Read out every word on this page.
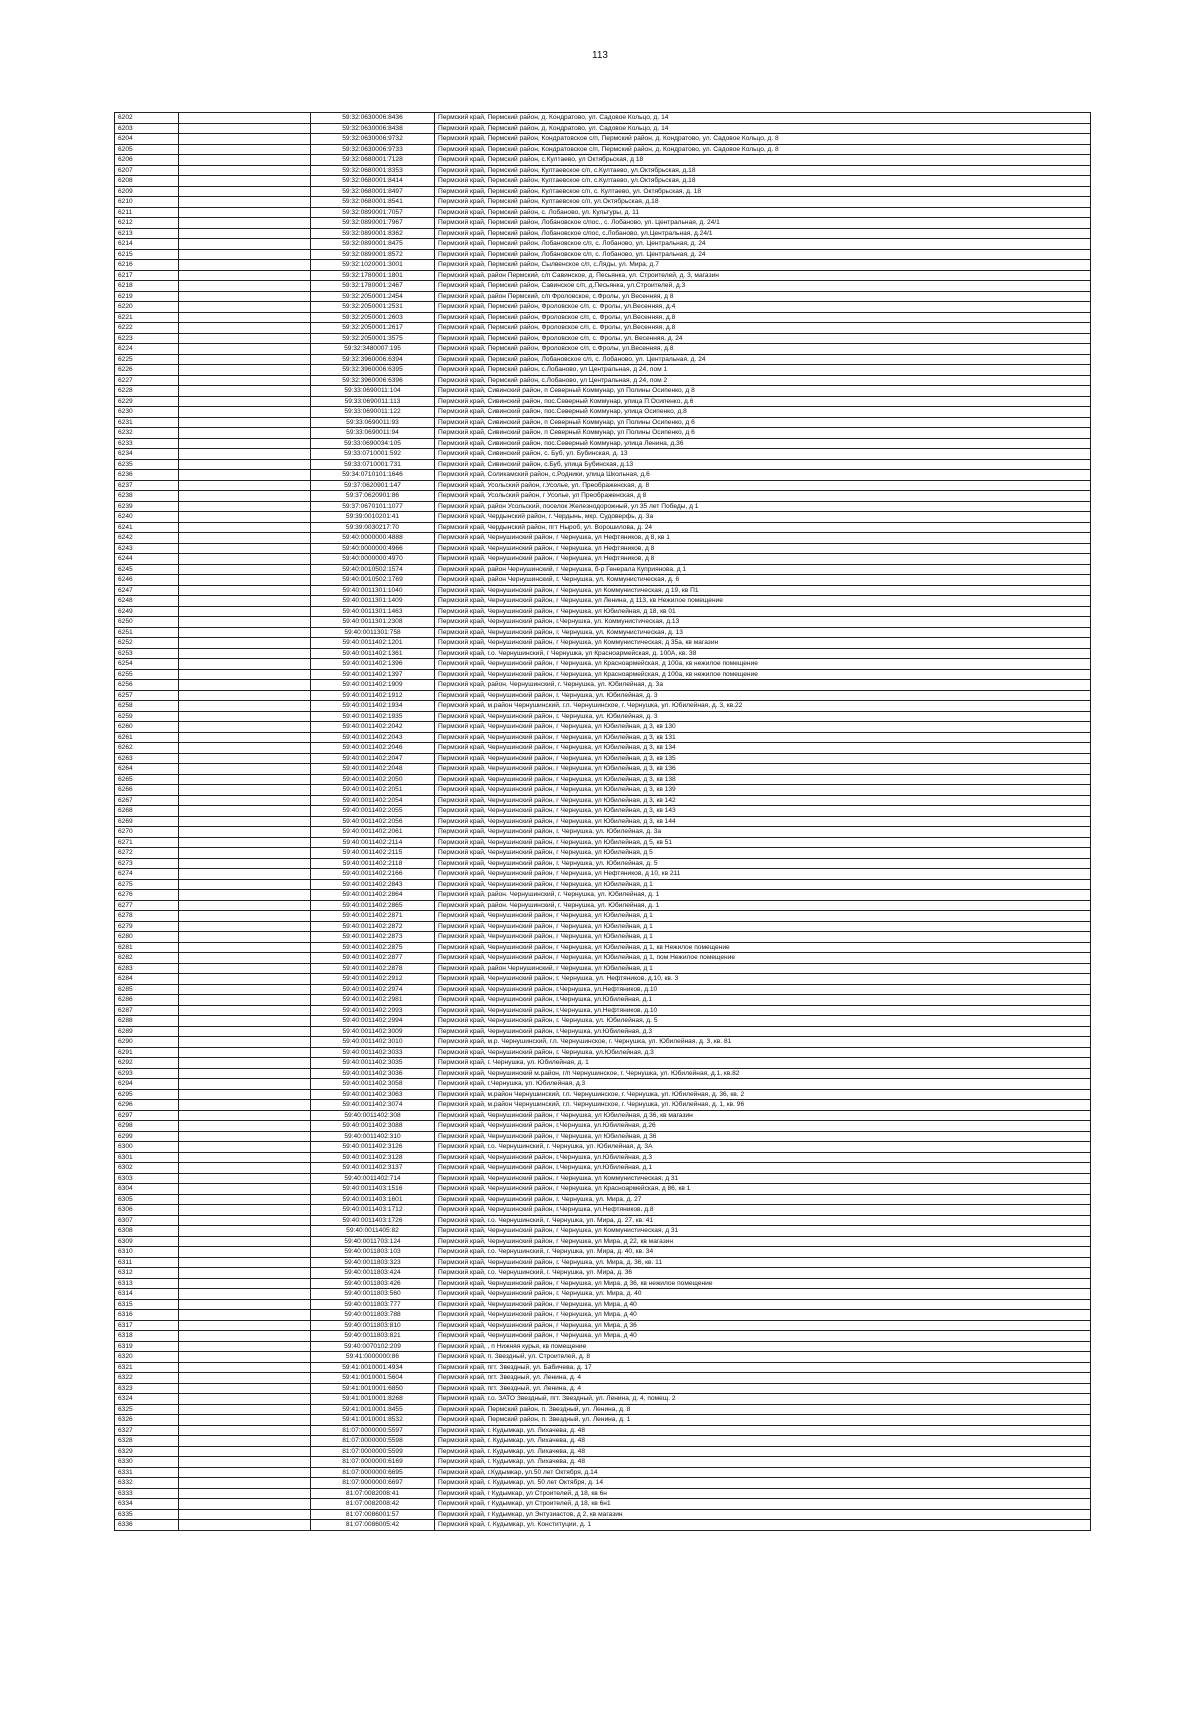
113
6202		59:32:0630006:8436	Пермский край, Пермский район, д. Кондратово, ул. Садовое Кольцо, д. 14
6203		59:32:0630006:8438	Пермский край, Пермский район, д. Кондратово, ул. Садовое Кольцо, д. 14
6204		59:32:0630006:9732	Пермский край, Пермский район, Кондратовское с/п, Пермский район, д. Кондратово, ул. Садовое Кольцо, д. 8
6205		59:32:0630006:9733	Пермский край, Пермский район, Кондратовское с/п, Пермский район, д. Кондратово, ул. Садовое Кольцо, д. 8
6206		59:32:0680001:7128	Пермский край, Пермский район, с.Култаево, ул Октябрьская, д 18
6207		59:32:0680001:8353	Пермский край, Пермский район, Култаевское с/п, с.Култаево, ул.Октябрьская, д.18
6208		59:32:0680001:8414	Пермский край, Пермский район, Култаевское с/п, с.Култаево, ул.Октябрьская, д.18
6209		59:32:0680001:8497	Пермский край, Пермский район, Култаевское с/п, с. Култаево, ул. Октябрьская, д. 18
6210		59:32:0680001:8541	Пермский край, Пермский район, Култаевское с/п, ул.Октябрьская, д.18
6211		59:32:0890001:7057	Пермский край, Пермский район, с. Лобаново, ул. Культуры, д. 11
6212		59:32:0890001:7967	Пермский край, Пермский район, Лобановское с/пос., с. Лобаново, ул. Центральная, д. 24/1
6213		59:32:0890001:8362	Пермский край, Пермский район, Лобановское с/пос, с.Лобаново, ул.Центральная, д.24/1
6214		59:32:0890001:8475	Пермский край, Пермский район, Лобановское с/п, с. Лобаново, ул. Центральная, д. 24
6215		59:32:0890001:8572	Пермский край, Пермский район, Лобановское с/п, с. Лобаново, ул. Центральная, д. 24
6216		59:32:1020001:3001	Пермский край, Пермский район, Сылвенское с/п, с.Ляды, ул. Мира, д.7
6217		59:32:1780001:1801	Пермский край, район Пермский, с/п Савинское, д. Песьянка, ул. Строителей, д. 3, магазин
6218		59:32:1780001:2467	Пермский край, Пермский район, Савинское с/п, д.Песьянка, ул.Строителей, д.3
6219		59:32:2050001:2454	Пермский край, район Пермский, с/п Фроловское, с.Фролы, ул Весенняя, д 8
6220		59:32:2050001:2531	Пермский край, Пермский район, Фроловское с/п, с. Фролы, ул.Весенняя, д.4
6221		59:32:2050001:2603	Пермский край, Пермский район, Фроловское с/п, с. Фролы, ул.Весенняя, д.8
6222		59:32:2050001:2617	Пермский край, Пермский район, Фроловское с/п, с. Фролы, ул.Весенняя, д.8
6223		59:32:2050001:3575	Пермский край, Пермский район, Фроловское с/п, с. Фролы, ул. Весенняя, д. 24
6224		59:32:3480007:195	Пермский край, Пермский район, Фроловское с/п, с.Фролы, ул.Весенняя, д.8
6225		59:32:3960006:6394	Пермский край, Пермский район, Лобановское с/п, с. Лобаново, ул. Центральная, д. 24
6226		59:32:3960006:6395	Пермский край, Пермский район, с.Лобаново, ул Центральная, д 24, пом 1
6227		59:32:3960006:6396	Пермский край, Пермский район, с.Лобаново, ул Центральная, д 24, пом 2
6228		59:33:0690011:104	Пермский край, Сивинский район, п Северный Коммунар, ул Полины Осипенко, д 8
6229		59:33:0690011:113	Пермский край, Сивинский район, пос.Северный Коммунар, улица П.Осипенко, д.6
6230		59:33:0690011:122	Пермский край, Сивинский район, пос.Северный Коммунар, улица Осипенко, д.8
6231		59:33:0690011:93	Пермский край, Сивинский район, п Северный Коммунар, ул Полины Осипенко, д 6
6232		59:33:0690011:94	Пермский край, Сивинский район, п Северный Коммунар, ул Полины Осипенко, д 6
6233		59:33:0690034:105	Пермский край, Сивинский район, пос.Северный Коммунар, улица Ленина, д.36
6234		59:33:0710001:592	Пермский край, Сивинский район, с. Буб, ул. Бубинская, д. 13
6235		59:33:0710001:731	Пермский край, Сивинский район, с.Буб, улица Бубинская, д.13
6236		59:34:0710101:1646	Пермский край, Соликамский район, с.Родники, улица Школьная, д.6
6237		59:37:0620901:147	Пермский край, Усольский район, г.Усолье, ул. Преображенская, д. 8
6238		59:37:0620901:86	Пермский край, Усольский район, г Усолье, ул Преображенская, д 8
6239		59:37:0670101:1077	Пермский край, район Усольский, поселок Железнодорожный, ул 35 лет Победы, д 1
6240		59:39:0010201:41	Пермский край, Чердынский район, г. Чердынь, мкр. Судоверфь, д. 3а
6241		59:39:0030217:70	Пермский край, Чердынский район, пгт Ныроб, ул. Ворошилова, д. 24
6242		59:40:0000000:4888	Пермский край, Чернушинский район, г Чернушка, ул Нефтяников, д 8, кв 1
6243		59:40:0000000:4966	Пермский край, Чернушинский район, г Чернушка, ул Нефтяников, д 8
6244		59:40:0000000:4970	Пермский край, Чернушинский район, г Чернушка, ул Нефтяников, д 8
6245		59:40:0010502:1574	Пермский край, район Чернушинский, г Чернушка, б-р Генерала Куприянова, д 1
6246		59:40:0010502:1769	Пермский край, район Чернушинский, г. Чернушка, ул. Коммунистическая, д. 6
6247		59:40:0011301:1040	Пермский край, Чернушинский район, г Чернушка, ул Коммунистическая, д 19, кв П1
6248		59:40:0011301:1409	Пермский край, Чернушинский район, г Чернушка, ул Ленина, д 113, кв Нежилое помещение
6249		59:40:0011301:1463	Пермский край, Чернушинский район, г Чернушка, ул Юбилейная, д 18, кв 01
6250		59:40:0011301:2308	Пермский край, Чернушинский район, г.Чернушка, ул. Коммунистическая, д.13
6251		59:40:0011301:758	Пермский край, Чернушинский район, г. Чернушка, ул. Коммунистическая, д. 13
6252		59:40:0011402:1201	Пермский край, Чернушинский район, г Чернушка, ул Коммунистическая, д 35а, кв магазин
6253		59:40:0011402:1361	Пермский край, г.о. Чернушинский, г Чернушка, ул Красноармейская, д. 100А, кв. 38
6254		59:40:0011402:1396	Пермский край, Чернушинский район, г Чернушка, ул Красноармейская, д 100а, кв нежилое помещение
6255		59:40:0011402:1397	Пермский край, Чернушинский район, г Чернушка, ул Красноармейская, д 100а, кв нежилое помещение
6256		59:40:0011402:1909	Пермский край, район. Чернушинский, г. Чернушка, ул. Юбилейная, д. 3а
6257		59:40:0011402:1912	Пермский край, Чернушинский район, г. Чернушка, ул. Юбилейная, д. 3
6258		59:40:0011402:1934	Пермский край, м.район Чернушинский, г.п. Чернушинское, г. Чернушка, ул. Юбилейная, д. 3, кв.22
6259		59:40:0011402:1935	Пермский край, Чернушинский район, г. Чернушка, ул. Юбилейная, д. 3
6260		59:40:0011402:2042	Пермский край, Чернушинский район, г Чернушка, ул Юбилейная, д 3, кв 130
6261		59:40:0011402:2043	Пермский край, Чернушинский район, г Чернушка, ул Юбилейная, д 3, кв 131
6262		59:40:0011402:2046	Пермский край, Чернушинский район, г Чернушка, ул Юбилейная, д 3, кв 134
6263		59:40:0011402:2047	Пермский край, Чернушинский район, г Чернушка, ул Юбилейная, д 3, кв 135
6264		59:40:0011402:2048	Пермский край, Чернушинский район, г Чернушка, ул Юбилейная, д 3, кв 136
6265		59:40:0011402:2050	Пермский край, Чернушинский район, г Чернушка, ул Юбилейная, д 3, кв 138
6266		59:40:0011402:2051	Пермский край, Чернушинский район, г Чернушка, ул Юбилейная, д 3, кв 139
6267		59:40:0011402:2054	Пермский край, Чернушинский район, г Чернушка, ул Юбилейная, д 3, кв 142
6268		59:40:0011402:2055	Пермский край, Чернушинский район, г Чернушка, ул Юбилейная, д 3, кв 143
6269		59:40:0011402:2056	Пермский край, Чернушинский район, г Чернушка, ул Юбилейная, д 3, кв 144
6270		59:40:0011402:2061	Пермский край, Чернушинский район, г. Чернушка, ул. Юбилейная, д. 3а
6271		59:40:0011402:2114	Пермский край, Чернушинский район, г Чернушка, ул Юбилейная, д 5, кв 51
6272		59:40:0011402:2115	Пермский край, Чернушинский район, г Чернушка, ул Юбилейная, д 5
6273		59:40:0011402:2118	Пермский край, Чернушинский район, г. Чернушка, ул. Юбилейная, д. 5
6274		59:40:0011402:2166	Пермский край, Чернушинский район, г Чернушка, ул Нефтяников, д 10, кв 211
6275		59:40:0011402:2843	Пермский край, Чернушинский район, г Чернушка, ул Юбилейная, д 1
6276		59:40:0011402:2864	Пермский край, район. Чернушинский, г. Чернушка, ул. Юбилейная, д. 1
6277		59:40:0011402:2865	Пермский край, район. Чернушинский, г. Чернушка, ул. Юбилейная, д. 1
6278		59:40:0011402:2871	Пермский край, Чернушинский район, г Чернушка, ул Юбилейная, д 1
6279		59:40:0011402:2872	Пермский край, Чернушинский район, г Чернушка, ул Юбилейная, д 1
6280		59:40:0011402:2873	Пермский край, Чернушинский район, г Чернушка, ул Юбилейная, д 1
6281		59:40:0011402:2875	Пермский край, Чернушинский район, г Чернушка, ул Юбилейная, д 1, кв Нежилое помещение
6282		59:40:0011402:2877	Пермский край, Чернушинский район, г Чернушка, ул Юбилейная, д 1, пом Нежилое помещение
6283		59:40:0011402:2878	Пермский край, район Чернушинский, г Чернушка, ул Юбилейная, д 1
6284		59:40:0011402:2912	Пермский край, Чернушинский район, г. Чернушка, ул. Нефтяников, д.10, кв. 3
6285		59:40:0011402:2974	Пермский край, Чернушинский район, г.Чернушка, ул.Нефтяников, д.10
6286		59:40:0011402:2981	Пермский край, Чернушинский район, г.Чернушка, ул.Юбилейная, д.1
6287		59:40:0011402:2993	Пермский край, Чернушинский район, г.Чернушка, ул.Нефтяников, д.10
6288		59:40:0011402:2994	Пермский край, Чернушинский район, г. Чернушка, ул. Юбилейная, д. 5
6289		59:40:0011402:3009	Пермский край, Чернушинский район, г.Чернушка, ул.Юбилейная, д.3
6290		59:40:0011402:3010	Пермский край, м.р. Чернушинский, г.п. Чернушинское, г. Чернушка, ул. Юбилейная, д. 3, кв. 81
6291		59:40:0011402:3033	Пермский край, Чернушинский район, г. Чернушка, ул.Юбилейная, д.3
6292		59:40:0011402:3035	Пермский край, г. Чернушка, ул. Юбилейная, д. 1
6293		59:40:0011402:3036	Пермский край, Чернушинский м.район, г/п Чернушинское, г. Чернушка, ул. Юбилейная, д.1, кв.82
6294		59:40:0011402:3058	Пермский край, г.Чернушка, ул. Юбилейная, д.3
6295		59:40:0011402:3063	Пермский край, м.район Чернушинский, г.п. Чернушинское, г. Чернушка, ул. Юбилейная, д. 36, кв. 2
6296		59:40:0011402:3074	Пермский край, м.район Чернушинский, г.п. Чернушинское, г. Чернушка, ул. Юбилейная, д. 1, кв. 96
6297		59:40:0011402:308	Пермский край, Чернушинский район, г Чернушка, ул Юбилейная, д 36, кв магазин
6298		59:40:0011402:3088	Пермский край, Чернушинский район, г.Чернушка, ул.Юбилейная, д.26
6299		59:40:0011402:310	Пермский край, Чернушинский район, г Чернушка, ул Юбилейная, д 36
6300		59:40:0011402:3126	Пермский край, г.о. Чернушинский, г. Чернушка, ул. Юбилейная, д. 3А
6301		59:40:0011402:3128	Пермский край, Чернушинский район, г.Чернушка, ул.Юбилейная, д.3
6302		59:40:0011402:3137	Пермский край, Чернушинский район, г.Чернушка, ул.Юбилейная, д.1
6303		59:40:0011402:714	Пермский край, Чернушинский район, г Чернушка, ул Коммунистическая, д 31
6304		59:40:0011403:1516	Пермский край, Чернушинский район, г Чернушка, ул Красноармейская, д 86, кв 1
6305		59:40:0011403:1601	Пермский край, Чернушинский район, г. Чернушка, ул. Мира, д. 27
6306		59:40:0011403:1712	Пермский край, Чернушинский район, г.Чернушка, ул.Нефтяников, д.8
6307		59:40:0011403:1726	Пермский край, г.о. Чернушинский, г. Чернушка, ул. Мира, д. 27, кв. 41
6308		59:40:0011405:82	Пермский край, Чернушинский район, г Чернушка, ул Коммунистическая, д 31
6309		59:40:0011703:124	Пермский край, Чернушинский район, г Чернушка, ул Мира, д 22, кв магазин
6310		59:40:0011803:103	Пермский край, г.о. Чернушинский, г. Чернушка, ул. Мира, д. 40, кв. 34
6311		59:40:0011803:323	Пермский край, Чернушинский район, г. Чернушка, ул. Мира, д. 36, кв. 11
6312		59:40:0011803:424	Пермский край, г.о. Чернушинский, г. Чернушка, ул. Мира, д. 36
6313		59:40:0011803:426	Пермский край, Чернушинский район, г Чернушка, ул Мира, д 36, кв нежилое помещение
6314		59:40:0011803:560	Пермский край, Чернушинский район, г. Чернушка, ул. Мира, д. 40
6315		59:40:0011803:777	Пермский край, Чернушинский район, г Чернушка, ул Мира, д 40
6316		59:40:0011803:788	Пермский край, Чернушинский район, г Чернушка, ул Мира, д 40
6317		59:40:0011803:810	Пермский край, Чернушинский район, г Чернушка, ул Мира, д 36
6318		59:40:0011803:821	Пермский край, Чернушинский район, г Чернушка, ул Мира, д 40
6319		59:40:0070102:209	Пермский край, , п Нижняя курья, кв помещение
6320		59:41:0000000:86	Пермский край, п. Звездный, ул. Строителей, д. 8
6321		59:41:0010001:4934	Пермский край, пгт. Звездный, ул. Бабичева, д. 17
6322		59:41:0010001:5604	Пермский край, пгт. Звездный, ул. Ленина, д. 4
6323		59:41:0010001:6850	Пермский край, пгт. Звездный, ул. Ленина, д. 4
6324		59:41:0010001:8268	Пермский край, г.о. ЗАТО Звездный, пгт. Звездный, ул. Ленина, д. 4, помещ. 2
6325		59:41:0010001:8455	Пермский край, Пермский район, п. Звездный, ул. Ленина, д. 8
6326		59:41:0010001:8532	Пермский край, Пермский район, п. Звездный, ул. Ленина, д. 1
6327		81:07:0000000:5597	Пермский край, г. Кудымкар, ул. Лихачева, д. 48
6328		81:07:0000000:5598	Пермский край, г. Кудымкар, ул. Лихачева, д. 48
6329		81:07:0000000:5599	Пермский край, г. Кудымкар, ул. Лихачева, д. 48
6330		81:07:0000000:6169	Пермский край, г. Кудымкар, ул. Лихачева, д. 48
6331		81:07:0000000:6695	Пермский край, г.Кудымкар, ул.50 лет Октября, д.14
6332		81:07:0000000:6697	Пермский край, г. Кудымкар, ул. 50 лет Октября, д. 14
6333		81:07:0082008:41	Пермский край, г Кудымкар, ул Строителей, д 18, кв 6н
6334		81:07:0082008:42	Пермский край, г Кудымкар, ул Строителей, д 18, кв 6н1
6335		81:07:0086001:57	Пермский край, г Кудымкар, ул Энтузиастов, д 2, кв магазин
6336		81:07:0086005:42	Пермский край, г. Кудымкар, ул. Конституции, д. 1
